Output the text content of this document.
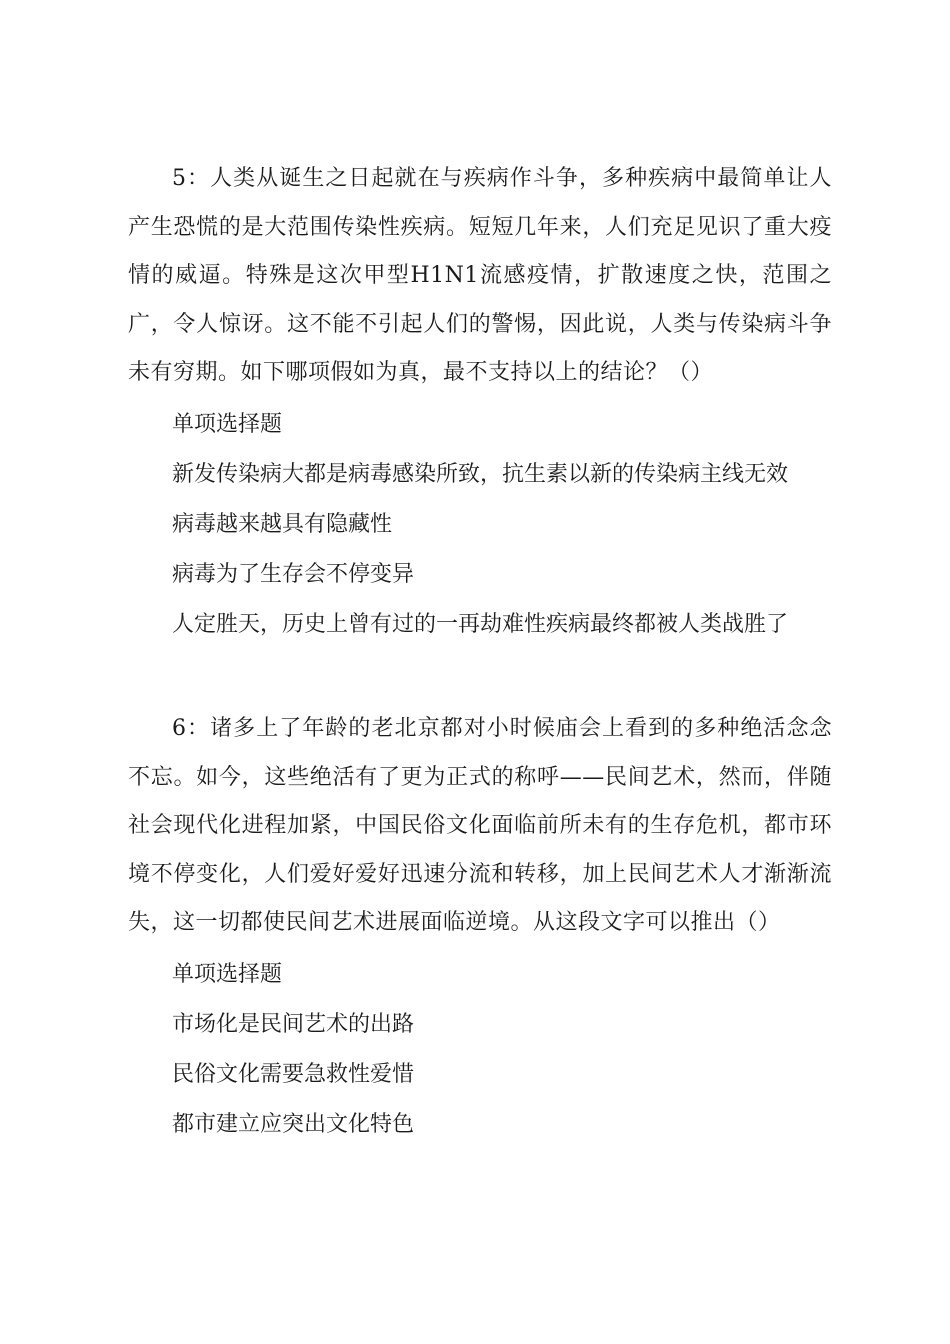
5：人类从诞生之日起就在与疾病作斗争，多种疾病中最简单让人产生恐慌的是大范围传染性疾病。短短几年来，人们充足见识了重大疫情的威逼。特殊是这次甲型H1N1流感疫情，扩散速度之快，范围之广，令人惊讶。这不能不引起人们的警惕，因此说，人类与传染病斗争未有穷期。如下哪项假如为真，最不支持以上的结论？（）

单项选择题

新发传染病大都是病毒感染所致，抗生素以新的传染病主线无效

病毒越来越具有隐藏性

病毒为了生存会不停变异

人定胜天，历史上曾有过的一再劫难性疾病最终都被人类战胜了

6：诸多上了年龄的老北京都对小时候庙会上看到的多种绝活念念不忘。如今，这些绝活有了更为正式的称呼——民间艺术，然而，伴随社会现代化进程加紧，中国民俗文化面临前所未有的生存危机，都市环境不停变化，人们爱好爱好迅速分流和转移，加上民间艺术人才渐渐流失，这一切都使民间艺术进展面临逆境。从这段文字可以推出（）

单项选择题

市场化是民间艺术的出路

民俗文化需要急救性爱惜

都市建立应突出文化特色
